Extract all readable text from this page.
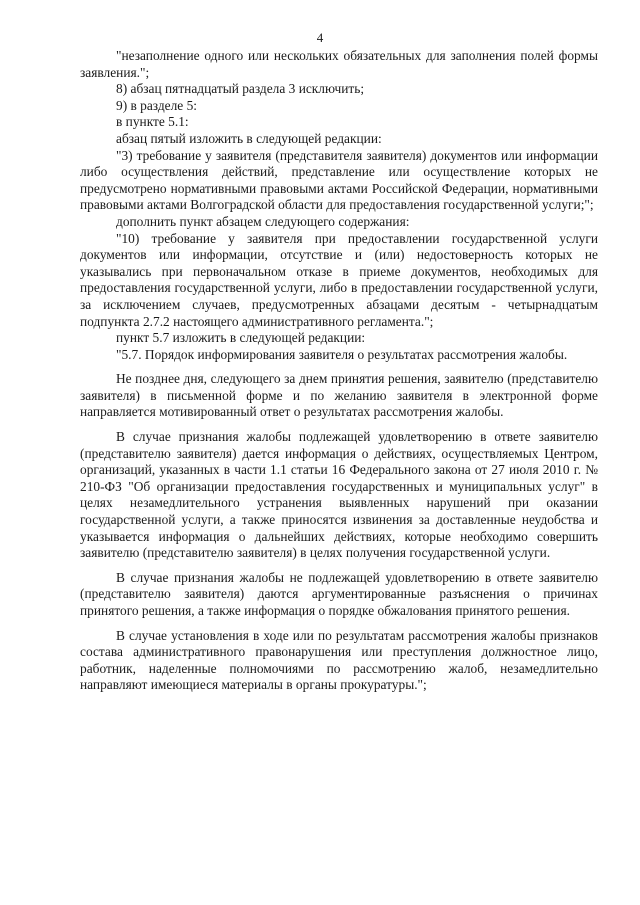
4

"незаполнение одного или нескольких обязательных для заполнения полей формы заявления.";

8) абзац пятнадцатый раздела 3 исключить;

9) в разделе 5:

в пункте 5.1:

абзац пятый изложить в следующей редакции:

"3) требование у заявителя (представителя заявителя) документов или информации либо осуществления действий, представление или осуществление которых не предусмотрено нормативными правовыми актами Российской Федерации, нормативными правовыми актами Волгоградской области для предоставления государственной услуги;";

дополнить пункт абзацем следующего содержания:

"10) требование у заявителя при предоставлении государственной услуги документов или информации, отсутствие и (или) недостоверность которых не указывались при первоначальном отказе в приеме документов, необходимых для предоставления государственной услуги, либо в предоставлении государственной услуги, за исключением случаев, предусмотренных абзацами десятым - четырнадцатым подпункта 2.7.2 настоящего административного регламента.";

пункт 5.7 изложить в следующей редакции:

"5.7. Порядок информирования заявителя о результатах рассмотрения жалобы.

Не позднее дня, следующего за днем принятия решения, заявителю (представителю заявителя) в письменной форме и по желанию заявителя в электронной форме направляется мотивированный ответ о результатах рассмотрения жалобы.

В случае признания жалобы подлежащей удовлетворению в ответе заявителю (представителю заявителя) дается информация о действиях, осуществляемых Центром, организаций, указанных в части 1.1 статьи 16 Федерального закона от 27 июля 2010 г. № 210-ФЗ "Об организации предоставления государственных и муниципальных услуг" в целях незамедлительного устранения выявленных нарушений при оказании государственной услуги, а также приносятся извинения за доставленные неудобства и указывается информация о дальнейших действиях, которые необходимо совершить заявителю (представителю заявителя) в целях получения государственной услуги.

В случае признания жалобы не подлежащей удовлетворению в ответе заявителю (представителю заявителя) даются аргументированные разъяснения о причинах принятого решения, а также информация о порядке обжалования принятого решения.

В случае установления в ходе или по результатам рассмотрения жалобы признаков состава административного правонарушения или преступления должностное лицо, работник, наделенные полномочиями по рассмотрению жалоб, незамедлительно направляют имеющиеся материалы в органы прокуратуры.";
